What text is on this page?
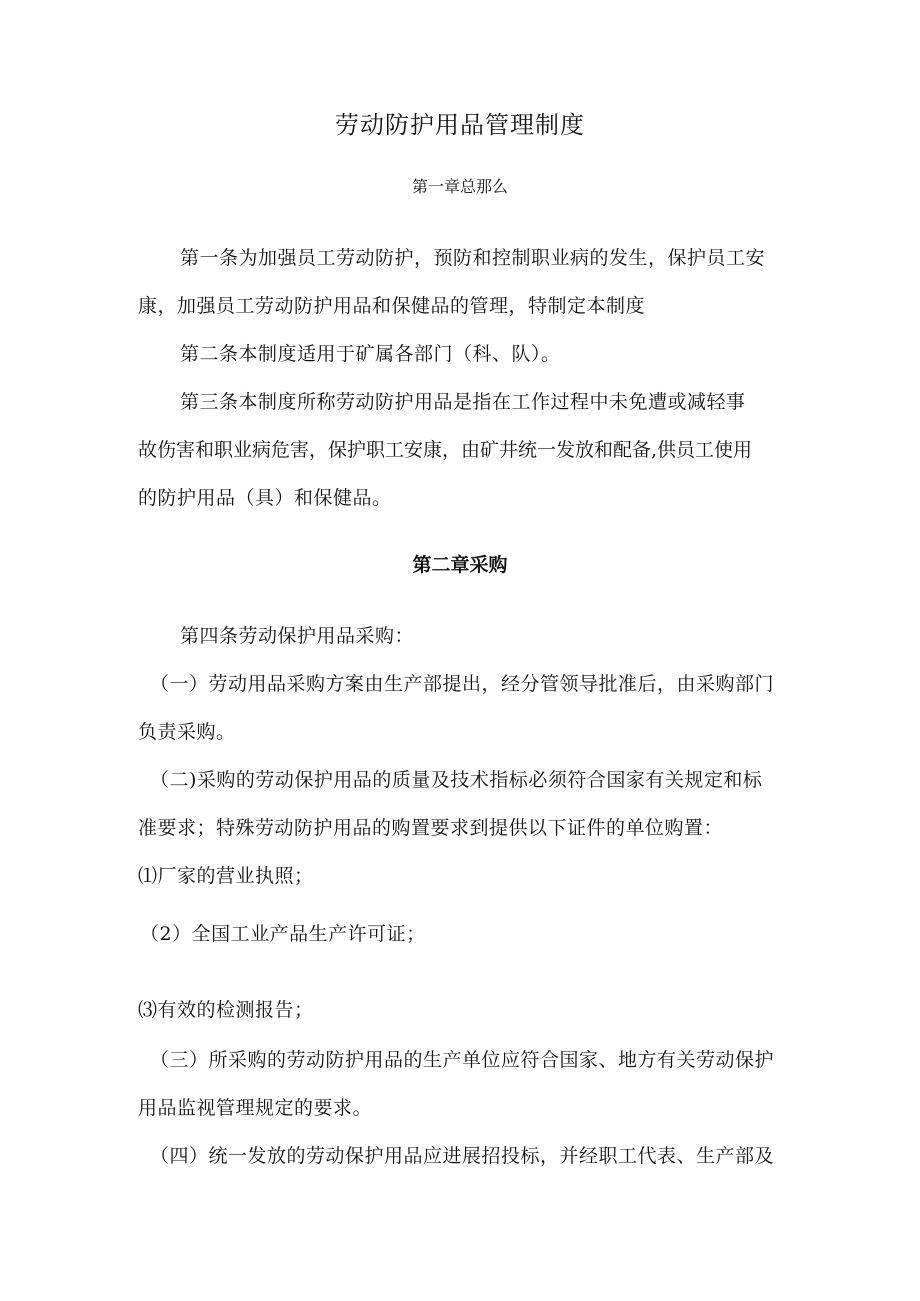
劳动防护用品管理制度
第一章总那么
第一条为加强员工劳动防护，预防和控制职业病的发生，保护员工安
康，加强员工劳动防护用品和保健品的管理，特制定本制度
第二条本制度适用于矿属各部门（科、队）。
第三条本制度所称劳动防护用品是指在工作过程中未免遭或减轻事
故伤害和职业病危害，保护职工安康，由矿井统一发放和配备,供员工使用
的防护用品（具）和保健品。
第二章采购
第四条劳动保护用品采购：
（一）劳动用品采购方案由生产部提出，经分管领导批准后，由采购部门
负责采购。
（二)采购的劳动保护用品的质量及技术指标必须符合国家有关规定和标
准要求；特殊劳动防护用品的购置要求到提供以下证件的单位购置：
⑴厂家的营业执照；
（2）全国工业产品生产许可证；
⑶有效的检测报告；
（三）所采购的劳动防护用品的生产单位应符合国家、地方有关劳动保护
用品监视管理规定的要求。
（四）统一发放的劳动保护用品应进展招投标，并经职工代表、生产部及
